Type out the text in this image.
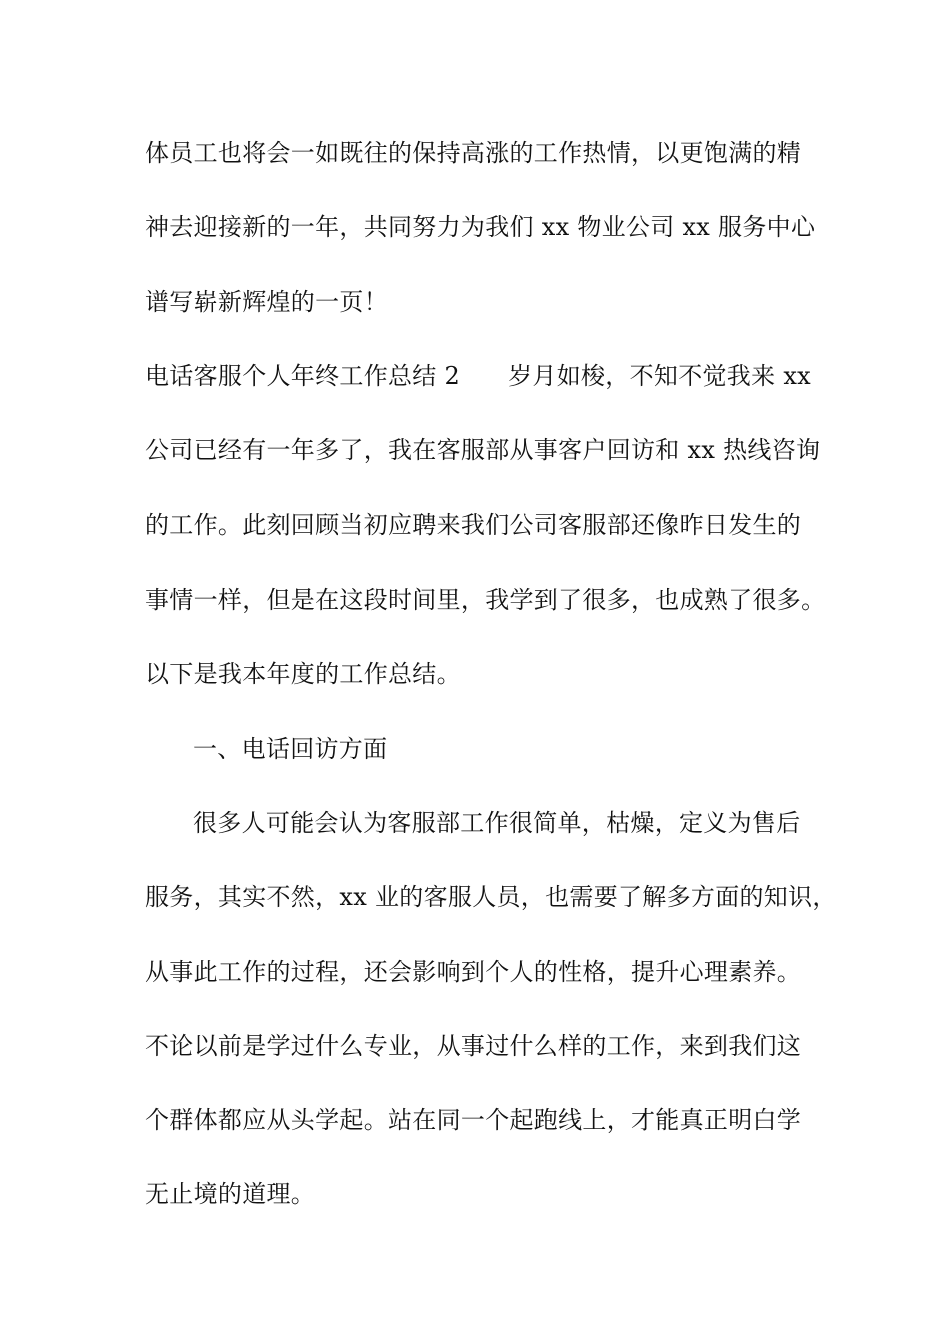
体员工也将会一如既往的保持高涨的工作热情，以更饱满的精
神去迎接新的一年，共同努力为我们 xx 物业公司 xx 服务中心
谱写崭新辉煌的一页！
电话客服个人年终工作总结 2 岁月如梭，不知不觉我来 xx
公司已经有一年多了，我在客服部从事客户回访和 xx 热线咨询
的工作。此刻回顾当初应聘来我们公司客服部还像昨日发生的
事情一样，但是在这段时间里，我学到了很多，也成熟了很多。
以下是我本年度的工作总结。
一、电话回访方面
很多人可能会认为客服部工作很简单，枯燥，定义为售后
服务，其实不然，xx 业的客服人员，也需要了解多方面的知识，
从事此工作的过程，还会影响到个人的性格，提升心理素养。
不论以前是学过什么专业，从事过什么样的工作，来到我们这
个群体都应从头学起。站在同一个起跑线上，才能真正明白学
无止境的道理。
